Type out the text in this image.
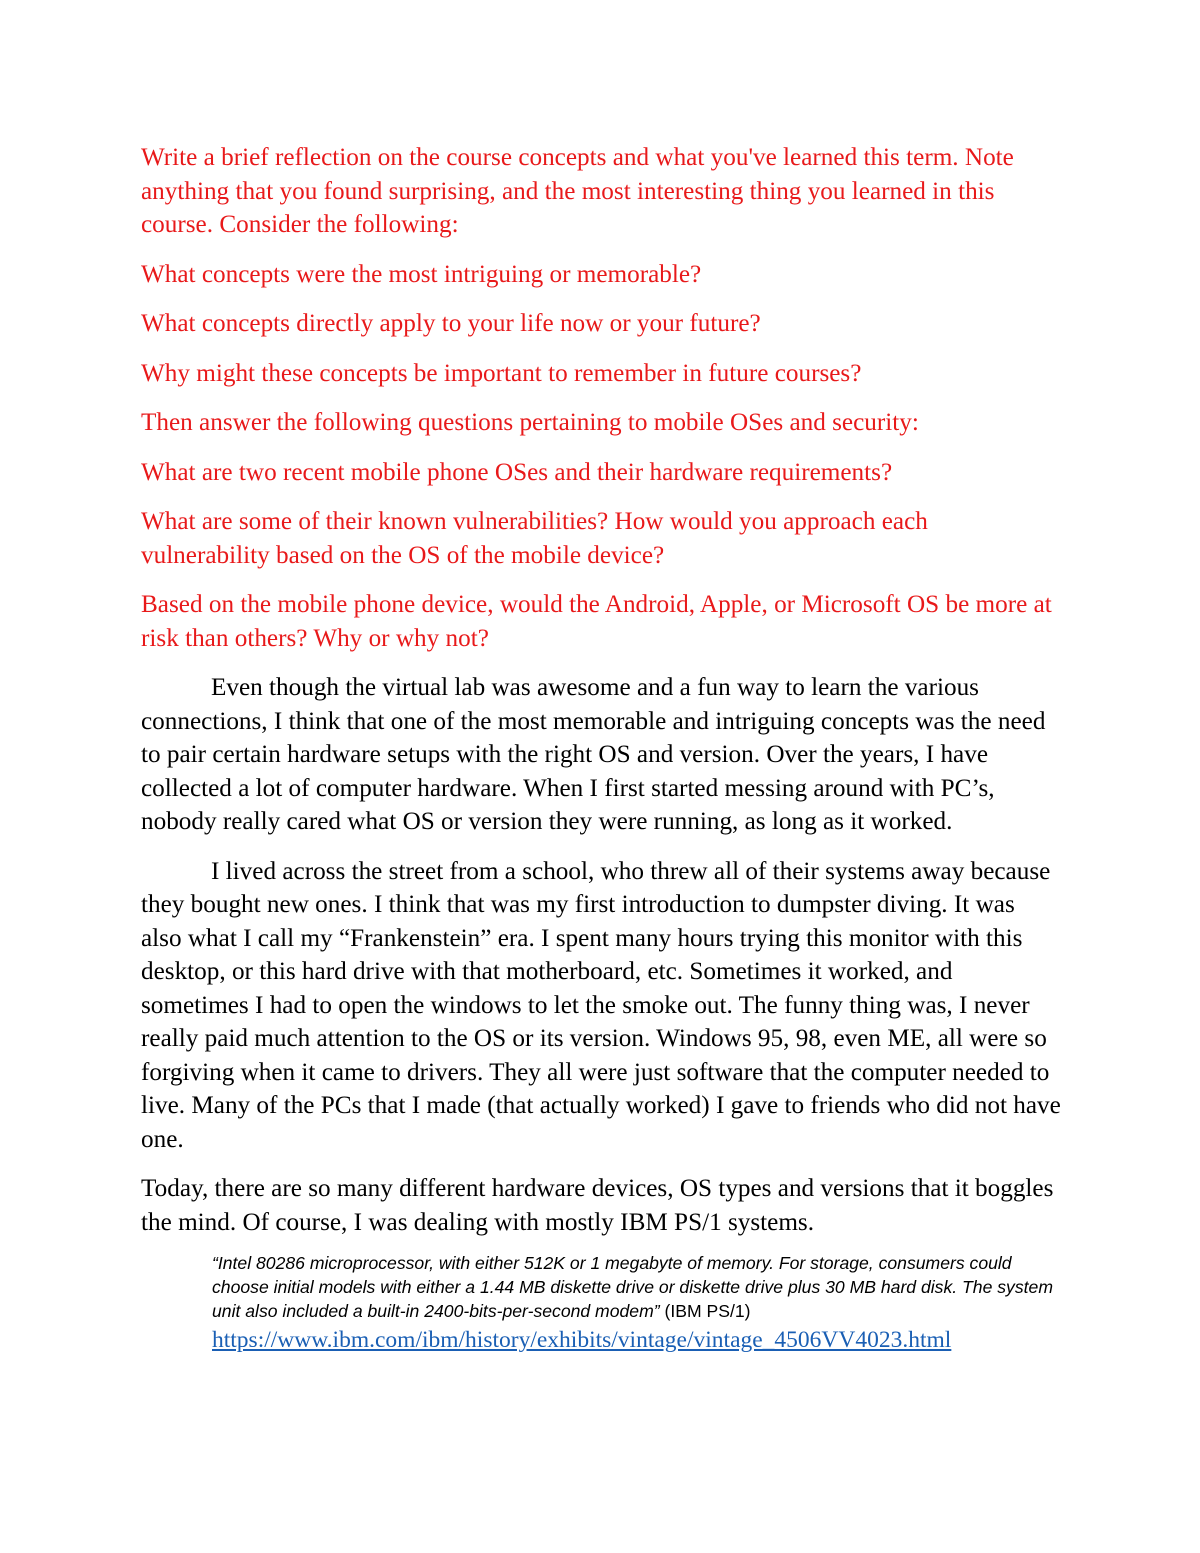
Write a brief reflection on the course concepts and what you've learned this term. Note anything that you found surprising, and the most interesting thing you learned in this course. Consider the following:

What concepts were the most intriguing or memorable?

What concepts directly apply to your life now or your future?

Why might these concepts be important to remember in future courses?

Then answer the following questions pertaining to mobile OSes and security:

What are two recent mobile phone OSes and their hardware requirements?

What are some of their known vulnerabilities? How would you approach each vulnerability based on the OS of the mobile device?

Based on the mobile phone device, would the Android, Apple, or Microsoft OS be more at risk than others? Why or why not?

Even though the virtual lab was awesome and a fun way to learn the various connections, I think that one of the most memorable and intriguing concepts was the need to pair certain hardware setups with the right OS and version. Over the years, I have collected a lot of computer hardware. When I first started messing around with PC’s, nobody really cared what OS or version they were running, as long as it worked.

I lived across the street from a school, who threw all of their systems away because they bought new ones. I think that was my first introduction to dumpster diving. It was also what I call my “Frankenstein” era. I spent many hours trying this monitor with this desktop, or this hard drive with that motherboard, etc. Sometimes it worked, and sometimes I had to open the windows to let the smoke out. The funny thing was, I never really paid much attention to the OS or its version. Windows 95, 98, even ME, all were so forgiving when it came to drivers. They all were just software that the computer needed to live. Many of the PCs that I made (that actually worked) I gave to friends who did not have one.

Today, there are so many different hardware devices, OS types and versions that it boggles the mind. Of course, I was dealing with mostly IBM PS/1 systems.

“Intel 80286 microprocessor, with either 512K or 1 megabyte of memory. For storage, consumers could choose initial models with either a 1.44 MB diskette drive or diskette drive plus 30 MB hard disk. The system unit also included a built-in 2400-bits-per-second modem” (IBM PS/1)

https://www.ibm.com/ibm/history/exhibits/vintage/vintage_4506VV4023.html
